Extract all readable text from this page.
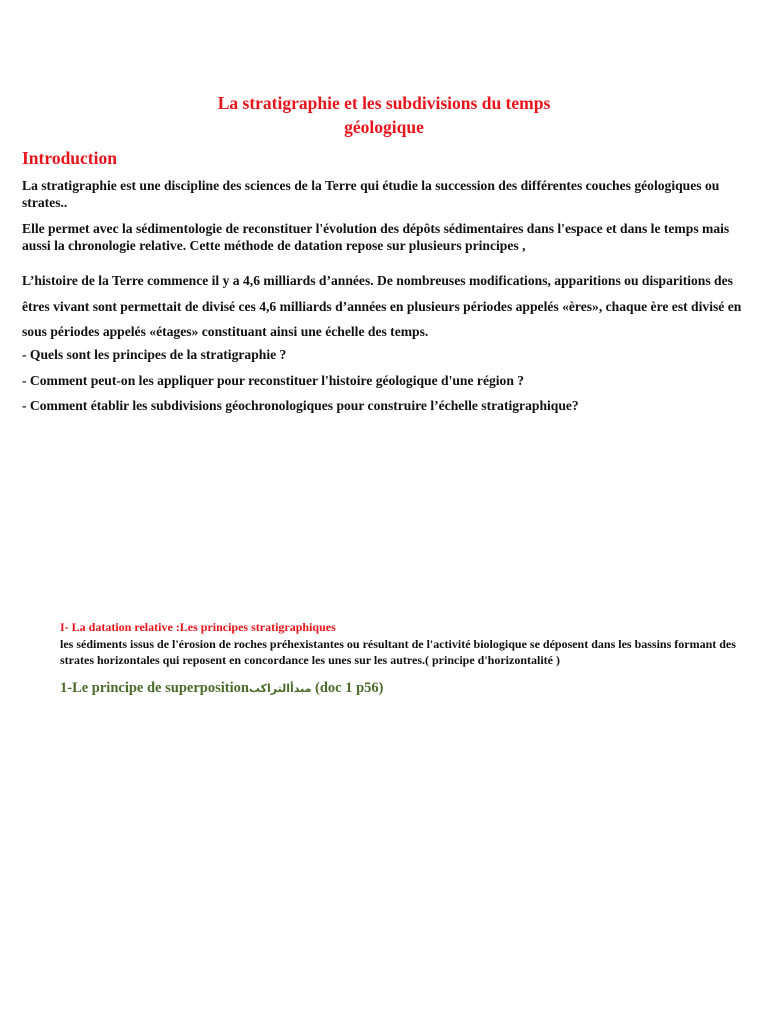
La stratigraphie et les subdivisions du temps
géologique
Introduction
La stratigraphie est une discipline des sciences de la Terre qui étudie la succession des différentes couches géologiques ou strates..
Elle permet avec la sédimentologie de reconstituer l'évolution des dépôts sédimentaires dans l'espace et dans le temps mais aussi la chronologie relative. Cette méthode de datation repose sur plusieurs principes ,
L’histoire de la Terre commence il y a 4,6 milliards d’années. De nombreuses modifications, apparitions ou disparitions des êtres vivant sont permettait de divisé ces 4,6 milliards d’années en plusieurs périodes appelés «ères», chaque ère est divisé en sous périodes appelés «étages» constituant ainsi une échelle des temps.
- Quels sont les principes de la stratigraphie ?
- Comment peut-on les appliquer pour reconstituer l'histoire géologique d'une région ?
- Comment établir les subdivisions géochronologiques pour construire l’échelle stratigraphique?
I- La datation relative :Les principes stratigraphiques
les sédiments issus de l'érosion de roches préhexistantes ou résultant de l'activité biologique se déposent dans les bassins formant des strates horizontales qui reposent en concordance les unes sur les autres.( principe d'horizontalité )
1-Le principe de superpositionمبدأالتراكب (doc 1 p56)
